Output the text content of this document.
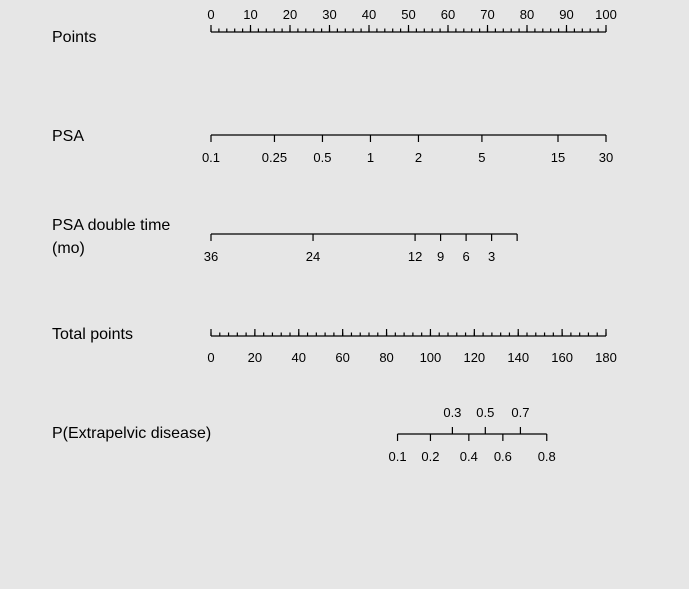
Points
0 10 20 30 40 50 60 70 80 90 100
PSA
0.1	0.25 0.5	1	2	5	15	30
PSA double time
(mo)	36	24	12 9 6 3
Total points
0	20 40 60 80 100 120 140 160 180
P(Extrapelvic disease)
0.1 0.2 0.4 0.6 0.8
0.3 0.5 0.7
